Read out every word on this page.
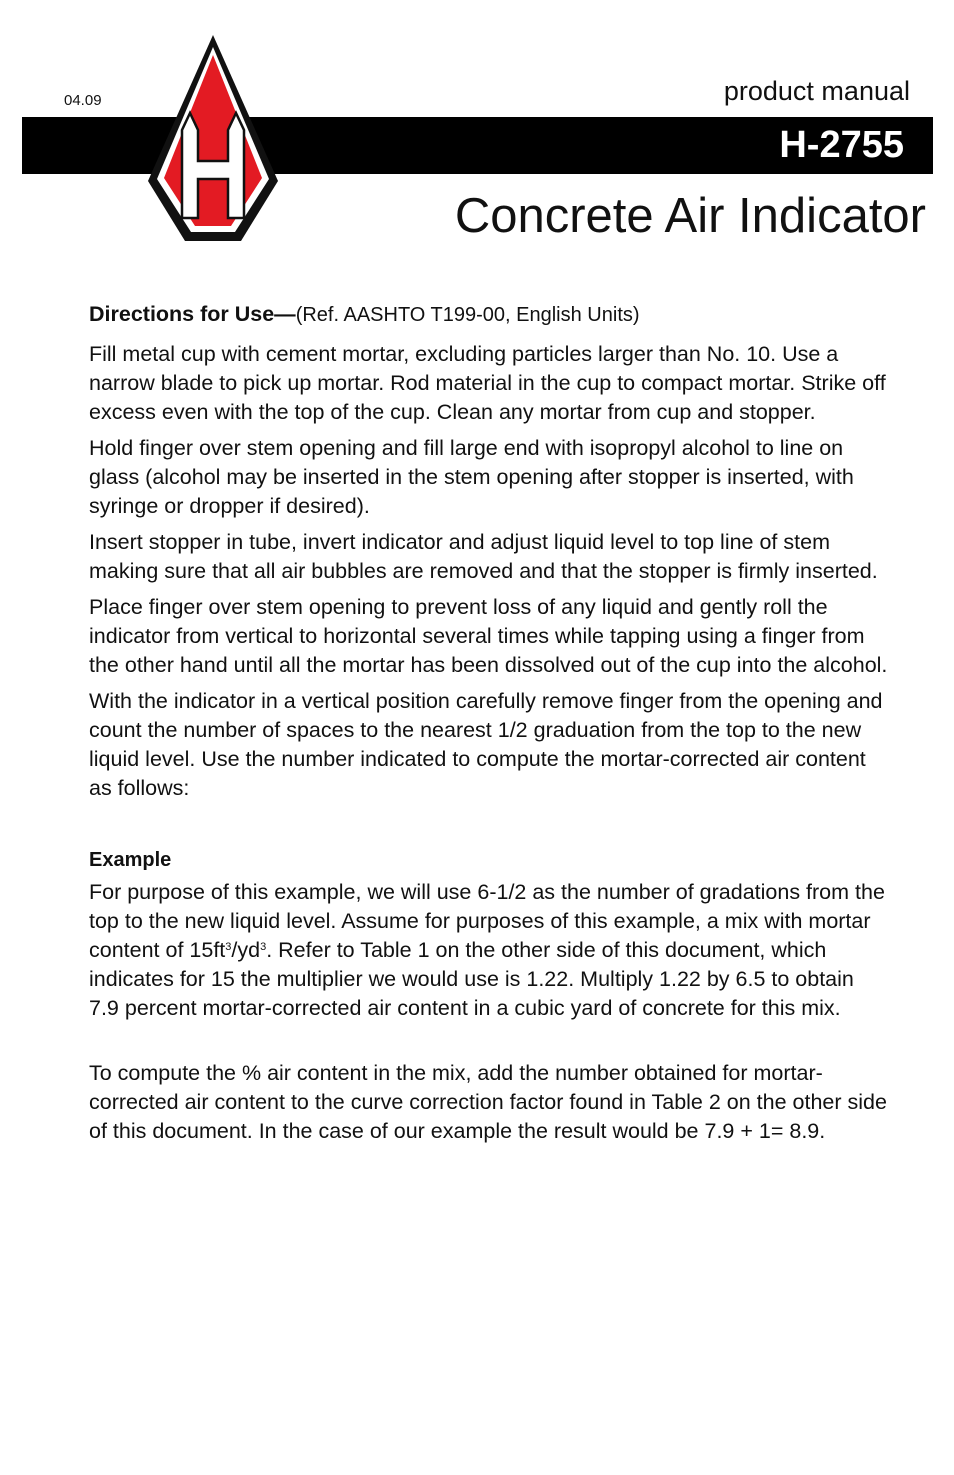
04.09	product manual
H-2755
Concrete Air Indicator
Directions for Use—(Ref. AASHTO T199-00, English Units)

Fill metal cup with cement mortar, excluding particles larger than No. 10. Use a narrow blade to pick up mortar. Rod material in the cup to compact mortar. Strike off excess even with the top of the cup. Clean any mortar from cup and stopper.

Hold finger over stem opening and fill large end with isopropyl alcohol to line on glass (alcohol may be inserted in the stem opening after stopper is inserted, with syringe or dropper if desired).

Insert stopper in tube, invert indicator and adjust liquid level to top line of stem making sure that all air bubbles are removed and that the stopper is firmly inserted.

Place finger over stem opening to prevent loss of any liquid and gently roll the indicator from vertical to horizontal several times while tapping using a finger from the other hand until all the mortar has been dissolved out of the cup into the alcohol.

With the indicator in a vertical position carefully remove finger from the opening and count the number of spaces to the nearest 1/2 graduation from the top to the new liquid level. Use the number indicated to compute the mortar-corrected air content as follows:

Example

For purpose of this example, we will use 6-1/2 as the number of gradations from the top to the new liquid level. Assume for purposes of this example, a mix with mortar content of $15ft^3/yd^3$. Refer to Table 1 on the other side of this document, which indicates for 15 the multiplier we would use is 1.22. Multiply 1.22 by 6.5 to obtain 7.9 percent mortar-corrected air content in a cubic yard of concrete for this mix.

To compute the % air content in the mix, add the number obtained for mortar-corrected air content to the curve correction factor found in Table 2 on the other side of this document. In the case of our example the result would be 7.9 + 1= 8.9.
